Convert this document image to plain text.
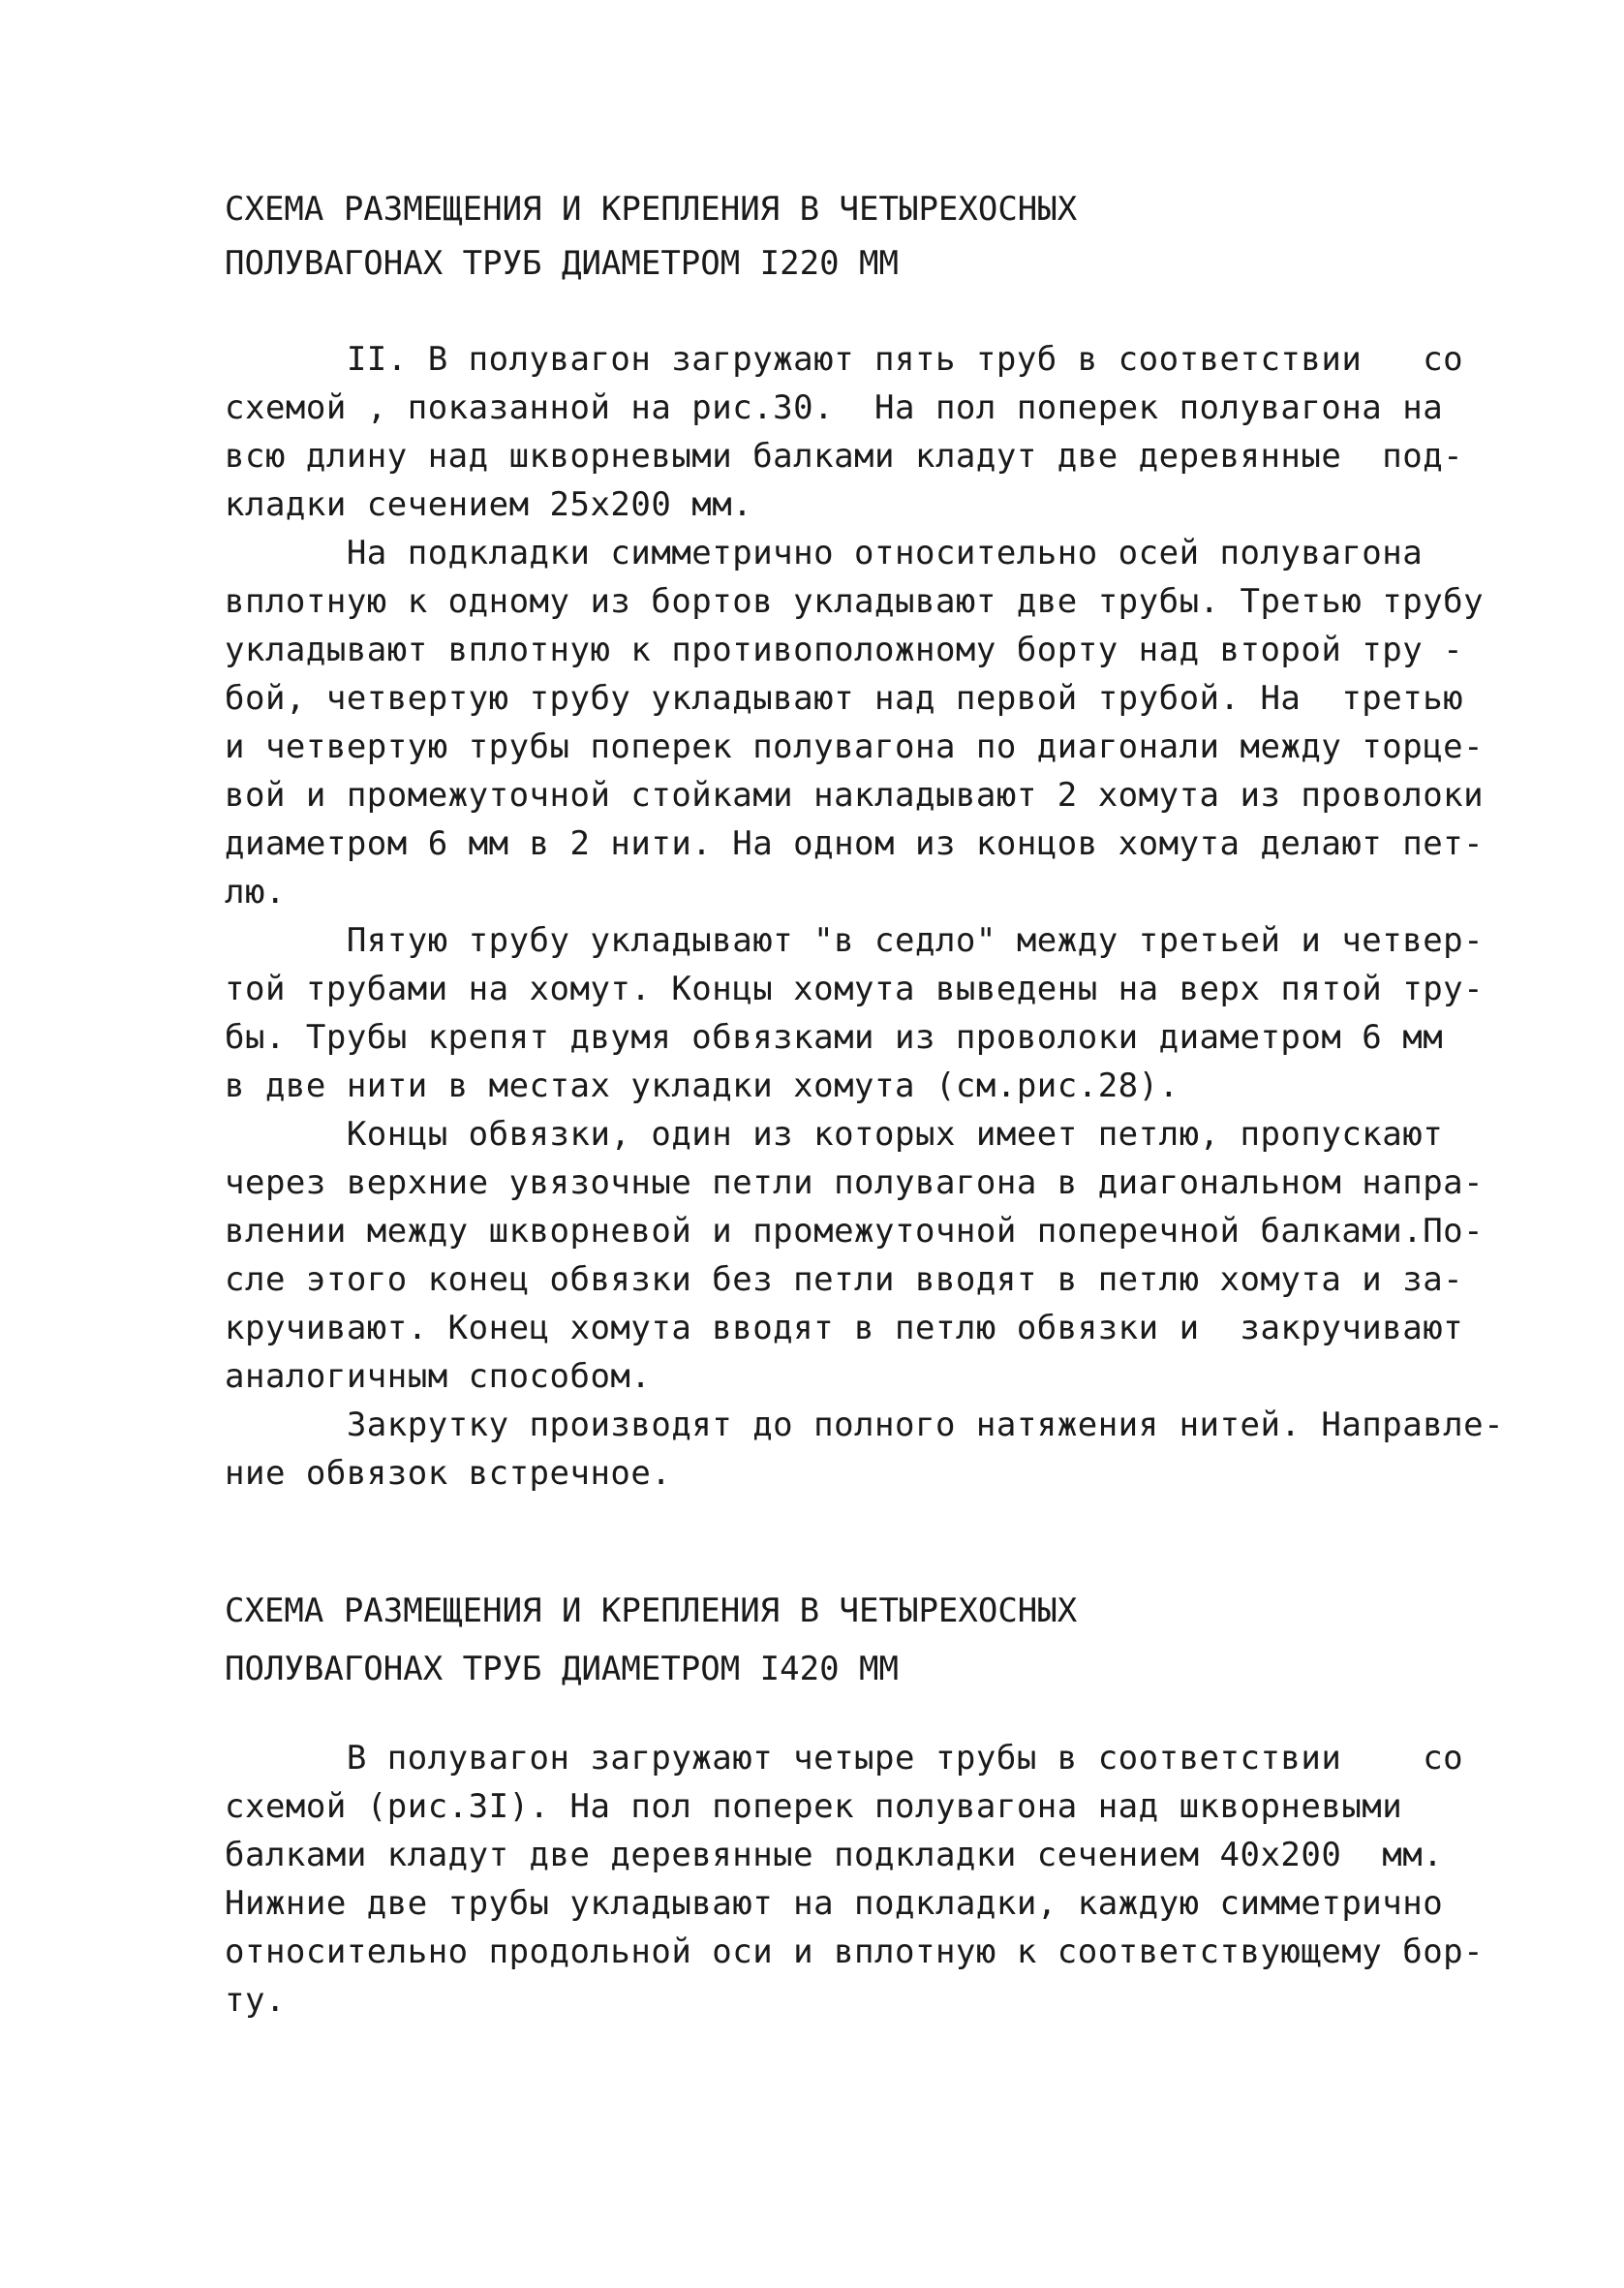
СХЕМА РАЗМЕЩЕНИЯ И КРЕПЛЕНИЯ В ЧЕТЫРЕХОСНЫХ
ПОЛУВАГОНАХ ТРУБ ДИАМЕТРОМ I220 ММ
II. В полувагон загружают пять труб в соответствии   со
схемой , показанной на рис.30.  На пол поперек полувагона на
всю длину над шкворневыми балками кладут две деревянные  под-
кладки сечением 25х200 мм.
На подкладки симметрично относительно осей полувагона
вплотную к одному из бортов укладывают две трубы. Третью трубу
укладывают вплотную к противоположному борту над второй тру -
бой, четвертую трубу укладывают над первой трубой. На  третью
и четвертую трубы поперек полувагона по диагонали между торце-
вой и промежуточной стойками накладывают 2 хомута из проволоки
диаметром 6 мм в 2 нити. На одном из концов хомута делают пет-
лю.
Пятую трубу укладывают "в седло" между третьей и четвер-
той трубами на хомут. Концы хомута выведены на верх пятой тру-
бы. Трубы крепят двумя обвязками из проволоки диаметром 6 мм
в две нити в местах укладки хомута (см.рис.28).
Концы обвязки, один из которых имеет петлю, пропускают
через верхние увязочные петли полувагона в диагональном напра-
влении между шкворневой и промежуточной поперечной балками.По-
сле этого конец обвязки без петли вводят в петлю хомута и за-
кручивают. Конец хомута вводят в петлю обвязки и  закручивают
аналогичным способом.
Закрутку производят до полного натяжения нитей. Направле-
ние обвязок встречное.
СХЕМА РАЗМЕЩЕНИЯ И КРЕПЛЕНИЯ В ЧЕТЫРЕХОСНЫХ
ПОЛУВАГОНАХ ТРУБ ДИАМЕТРОМ I420 ММ
В полувагон загружают четыре трубы в соответствии    со
схемой (рис.3I). На пол поперек полувагона над шкворневыми
балками кладут две деревянные подкладки сечением 40х200  мм.
Нижние две трубы укладывают на подкладки, каждую симметрично
относительно продольной оси и вплотную к соответствующему бор-
ту.
